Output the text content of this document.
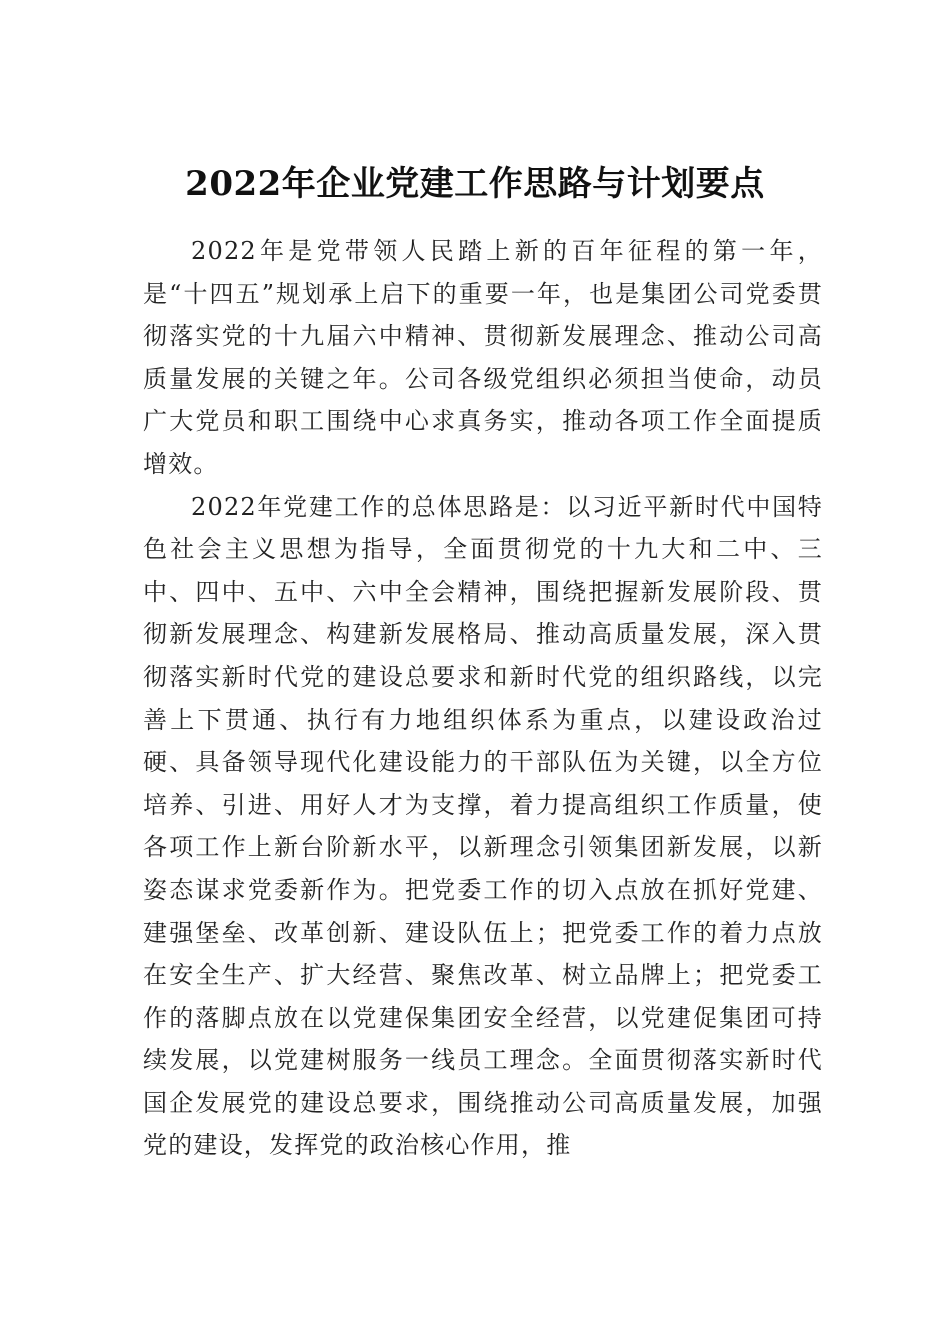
2022年企业党建工作思路与计划要点

2022年是党带领人民踏上新的百年征程的第一年，是“十四五”规划承上启下的重要一年，也是集团公司党委贯彻落实党的十九届六中精神、贯彻新发展理念、推动公司高质量发展的关键之年。公司各级党组织必须担当使命，动员广大党员和职工围绕中心求真务实，推动各项工作全面提质增效。

2022年党建工作的总体思路是：以习近平新时代中国特色社会主义思想为指导，全面贯彻党的十九大和二中、三中、四中、五中、六中全会精神，围绕把握新发展阶段、贯彻新发展理念、构建新发展格局、推动高质量发展，深入贯彻落实新时代党的建设总要求和新时代党的组织路线，以完善上下贯通、执行有力地组织体系为重点，以建设政治过硬、具备领导现代化建设能力的干部队伍为关键，以全方位培养、引进、用好人才为支撑，着力提高组织工作质量，使各项工作上新台阶新水平，以新理念引领集团新发展，以新姿态谋求党委新作为。把党委工作的切入点放在抓好党建、建强堡垒、改革创新、建设队伍上；把党委工作的着力点放在安全生产、扩大经营、聚焦改革、树立品牌上；把党委工作的落脚点放在以党建保集团安全经营，以党建促集团可持续发展，以党建树服务一线员工理念。全面贯彻落实新时代国企发展党的建设总要求，围绕推动公司高质量发展，加强党的建设，发挥党的政治核心作用，推
